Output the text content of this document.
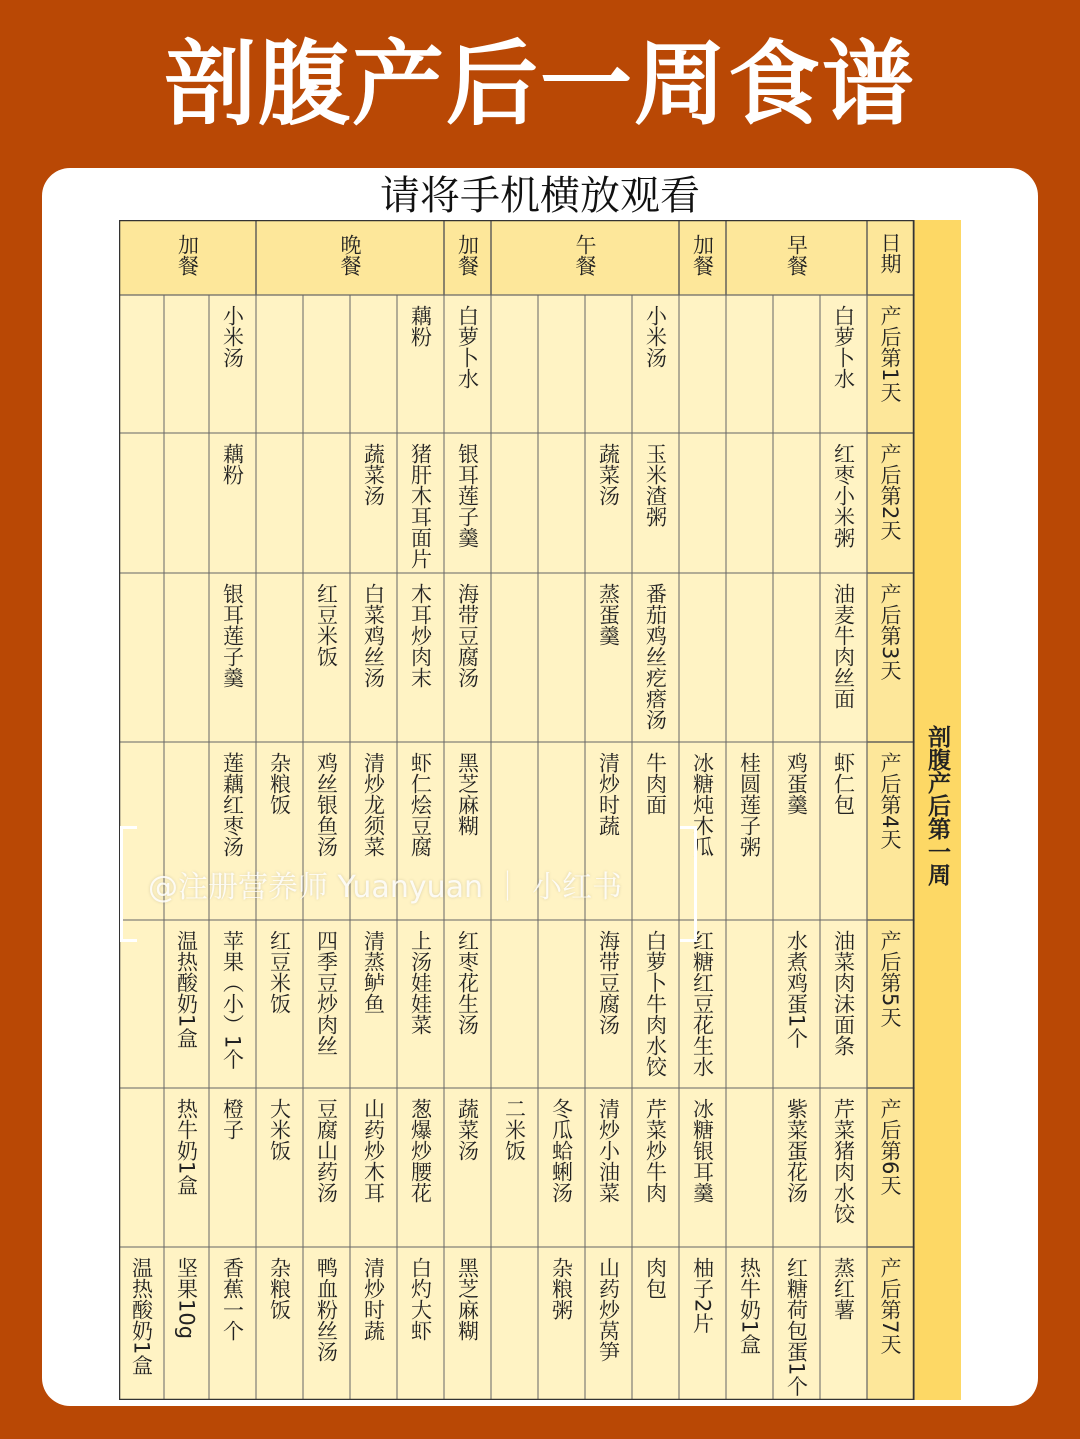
剖腹产后一周食谱
请将手机横放观看
早餐
加餐
午餐
加餐
晚餐
加餐
产后第1天
产后第2天
产后第3天
产后第4天
产后第5天
产后第6天
产后第7天
日期
剖腹产后第一周
白萝卜水
红枣小米粥
油麦牛肉丝面
虾仁包
油菜肉沫面条
芹菜猪肉水饺
蒸红薯
鸡蛋羹
水煮鸡蛋1个
紫菜蛋花汤
红糖荷包蛋1个
桂圆莲子粥
热牛奶1盒
冰糖炖木瓜
红糖红豆花生水
冰糖银耳羹
柚子2片
小米汤
玉米渣粥
番茄鸡丝疙瘩汤
牛肉面
白萝卜牛肉水饺
芹菜炒牛肉
肉包
蔬菜汤
蒸蛋羹
清炒时蔬
海带豆腐汤
清炒小油菜
山药炒莴笋
冬瓜蛤蜊汤
杂粮粥
二米饭
白萝卜水
银耳莲子羹
海带豆腐汤
黑芝麻糊
红枣花生汤
蔬菜汤
黑芝麻糊
藕粉
猪肝木耳面片
木耳炒肉末
虾仁烩豆腐
上汤娃娃菜
葱爆炒腰花
白灼大虾
蔬菜汤
白菜鸡丝汤
清炒龙须菜
清蒸鲈鱼
山药炒木耳
清炒时蔬
红豆米饭
鸡丝银鱼汤
四季豆炒肉丝
豆腐山药汤
鸭血粉丝汤
杂粮饭
红豆米饭
大米饭
杂粮饭
小米汤
藕粉
银耳莲子羹
莲藕红枣汤
苹果（小）1个
橙子
香蕉一个
温热酸奶1盒
热牛奶1盒
坚果10g
温热酸奶1盒
@注册营养师 Yuanyuan ｜ 小红书
